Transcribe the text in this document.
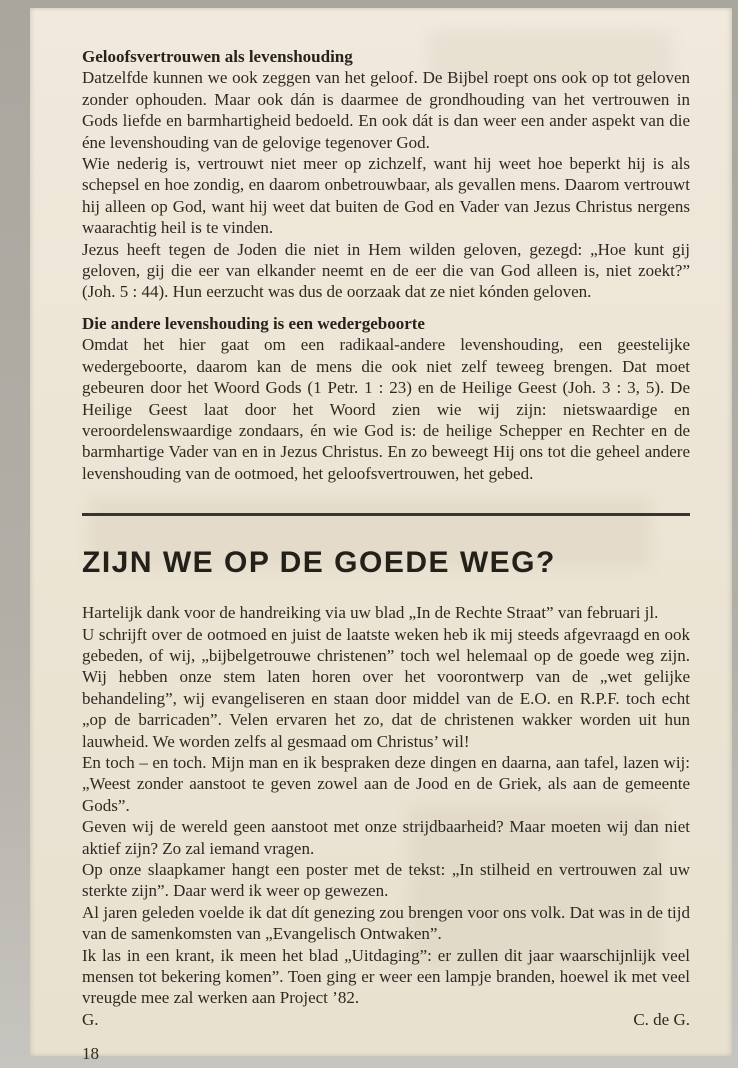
Geloofsvertrouwen als levenshouding

Datzelfde kunnen we ook zeggen van het geloof. De Bijbel roept ons ook op tot geloven zonder ophouden. Maar ook dán is daarmee de grondhouding van het vertrouwen in Gods liefde en barmhartigheid bedoeld. En ook dát is dan weer een ander aspekt van die éne levenshouding van de gelovige tegenover God.

Wie nederig is, vertrouwt niet meer op zichzelf, want hij weet hoe beperkt hij is als schepsel en hoe zondig, en daarom onbetrouwbaar, als gevallen mens. Daarom vertrouwt hij alleen op God, want hij weet dat buiten de God en Vader van Jezus Christus nergens waarachtig heil is te vinden.

Jezus heeft tegen de Joden die niet in Hem wilden geloven, gezegd: „Hoe kunt gij geloven, gij die eer van elkander neemt en de eer die van God alleen is, niet zoekt?” (Joh. 5 : 44). Hun eerzucht was dus de oorzaak dat ze niet kónden geloven.

Die andere levenshouding is een wedergeboorte

Omdat het hier gaat om een radikaal-andere levenshouding, een geestelijke wedergeboorte, daarom kan de mens die ook niet zelf teweeg brengen. Dat moet gebeuren door het Woord Gods (1 Petr. 1 : 23) en de Heilige Geest (Joh. 3 : 3, 5). De Heilige Geest laat door het Woord zien wie wij zijn: nietswaardige en veroordelenswaardige zondaars, én wie God is: de heilige Schepper en Rechter en de barmhartige Vader van en in Jezus Christus. En zo beweegt Hij ons tot die geheel andere levenshouding van de ootmoed, het geloofsvertrouwen, het gebed.

ZIJN WE OP DE GOEDE WEG?

Hartelijk dank voor de handreiking via uw blad „In de Rechte Straat” van februari jl.

U schrijft over de ootmoed en juist de laatste weken heb ik mij steeds afgevraagd en ook gebeden, of wij, „bijbelgetrouwe christenen” toch wel helemaal op de goede weg zijn. Wij hebben onze stem laten horen over het voorontwerp van de „wet gelijke behandeling”, wij evangeliseren en staan door middel van de E.O. en R.P.F. toch echt „op de barricaden”. Velen ervaren het zo, dat de christenen wakker worden uit hun lauwheid. We worden zelfs al gesmaad om Christus’ wil!

En toch – en toch. Mijn man en ik bespraken deze dingen en daarna, aan tafel, lazen wij: „Weest zonder aanstoot te geven zowel aan de Jood en de Griek, als aan de gemeente Gods”.

Geven wij de wereld geen aanstoot met onze strijdbaarheid? Maar moeten wij dan niet aktief zijn? Zo zal iemand vragen.

Op onze slaapkamer hangt een poster met de tekst: „In stilheid en vertrouwen zal uw sterkte zijn”. Daar werd ik weer op gewezen.

Al jaren geleden voelde ik dat dít genezing zou brengen voor ons volk. Dat was in de tijd van de samenkomsten van „Evangelisch Ontwaken”.

Ik las in een krant, ik meen het blad „Uitdaging”: er zullen dit jaar waarschijnlijk veel mensen tot bekering komen”. Toen ging er weer een lampje branden, hoewel ik met veel vreugde mee zal werken aan Project ’82.

G.	C. de G.
18
